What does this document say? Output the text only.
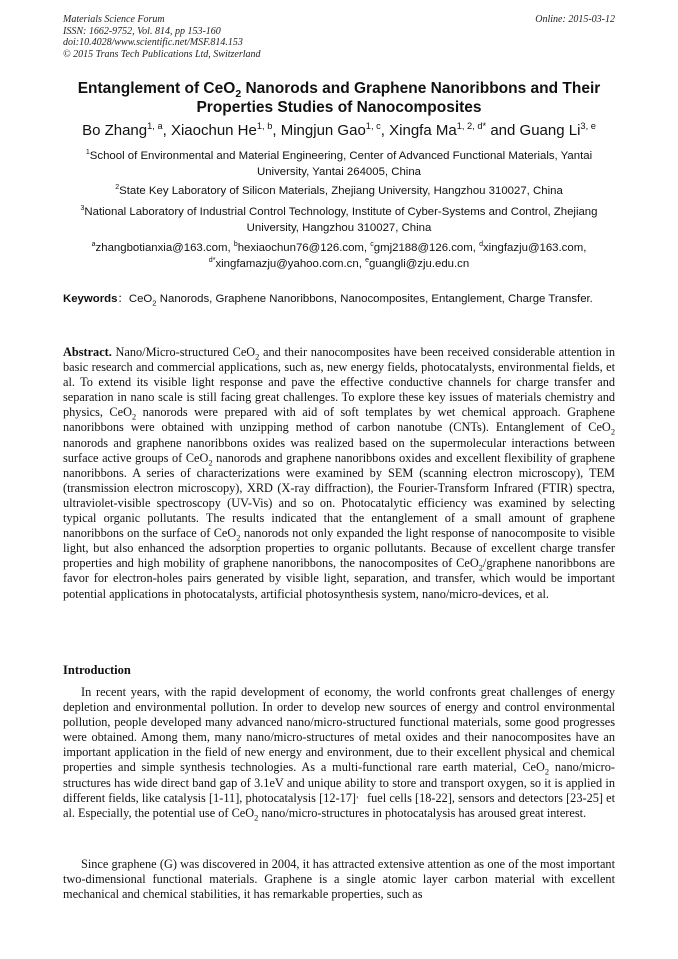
Materials Science Forum
ISSN: 1662-9752, Vol. 814, pp 153-160
doi:10.4028/www.scientific.net/MSF.814.153
© 2015 Trans Tech Publications Ltd, Switzerland
Online: 2015-03-12
Entanglement of CeO$_2$ Nanorods and Graphene Nanoribbons and Their Properties Studies of Nanocomposites
Bo Zhang$^{1, a}$, Xiaochun He$^{1, b}$, Mingjun Gao$^{1, c}$, Xingfa $Ma^{1, 2, d*}$ and Guang Li$^{3, e}$
$^1$School of Environmental and Material Engineering, Center of Advanced Functional Materials, Yantai University, Yantai 264005, China
$^2$State Key Laboratory of Silicon Materials, Zhejiang University, Hangzhou 310027, China
$^3$National Laboratory of Industrial Control Technology, Institute of Cyber-Systems and Control, Zhejiang University, Hangzhou 310027, China
$^a$zhangbotianxia@163.com, $^b$hexiaochun76@126.com, $^c$gmj2188@126.com, $^d$xingfazju@163.com,
$^{d*}$xingfamazju@yahoo.com.cn, $^e$guangli@zju.edu.cn
Keywords：CeO$_2$ Nanorods, Graphene Nanoribbons, Nanocomposites, Entanglement, Charge Transfer.
Abstract. Nano/Micro-structured CeO$_2$ and their nanocomposites have been received considerable attention in basic research and commercial applications, such as, new energy fields, photocatalysts, environmental fields, et al. To extend its visible light response and pave the effective conductive channels for charge transfer and separation in nano scale is still facing great challenges. To explore these key issues of materials chemistry and physics, CeO$_2$ nanorods were prepared with aid of soft templates by wet chemical approach. Graphene nanoribbons were obtained with unzipping method of carbon nanotube (CNTs). Entanglement of CeO$_2$ nanorods and graphene nanoribbons oxides was realized based on the supermolecular interactions between surface active groups of CeO$_2$ nanorods and graphene nanoribbons oxides and excellent flexibility of graphene nanoribbons. A series of characterizations were examined by SEM (scanning electron microscopy), TEM (transmission electron microscopy), XRD (X-ray diffraction), the Fourier-Transform Infrared (FTIR) spectra, ultraviolet-visible spectroscopy (UV-Vis) and so on. Photocatalytic efficiency was examined by selecting typical organic pollutants. The results indicated that the entanglement of a small amount of graphene nanoribbons on the surface of CeO$_2$ nanorods not only expanded the light response of nanocomposite to visible light, but also enhanced the adsorption properties to organic pollutants. Because of excellent charge transfer properties and high mobility of graphene nanoribbons, the nanocomposites of CeO$_2$/graphene nanoribbons are favor for electron-holes pairs generated by visible light, separation, and transfer, which would be important potential applications in photocatalysts, artificial photosynthesis system, nano/micro-devices, et al.
Introduction
In recent years, with the rapid development of economy, the world confronts great challenges of energy depletion and environmental pollution. In order to develop new sources of energy and control environmental pollution, people developed many advanced nano/micro-structured functional materials, some good progresses were obtained. Among them, many nano/micro-structures of metal oxides and their nanocomposites have an important application in the field of new energy and environment, due to their excellent physical and chemical properties and simple synthesis technologies. As a multi-functional rare earth material, CeO$_2$ nano/micro-structures has wide direct band gap of 3.1eV and unique ability to store and transport oxygen, so it is applied in different fields, like catalysis [1-11], photocatalysis [12-17]， fuel cells [18-22], sensors and detectors [23-25] et al. Especially, the potential use of CeO$_2$ nano/micro-structures in photocatalysis has aroused great interest.
Since graphene (G) was discovered in 2004, it has attracted extensive attention as one of the most important two-dimensional functional materials. Graphene is a single atomic layer carbon material with excellent mechanical and chemical stabilities, it has remarkable properties, such as
